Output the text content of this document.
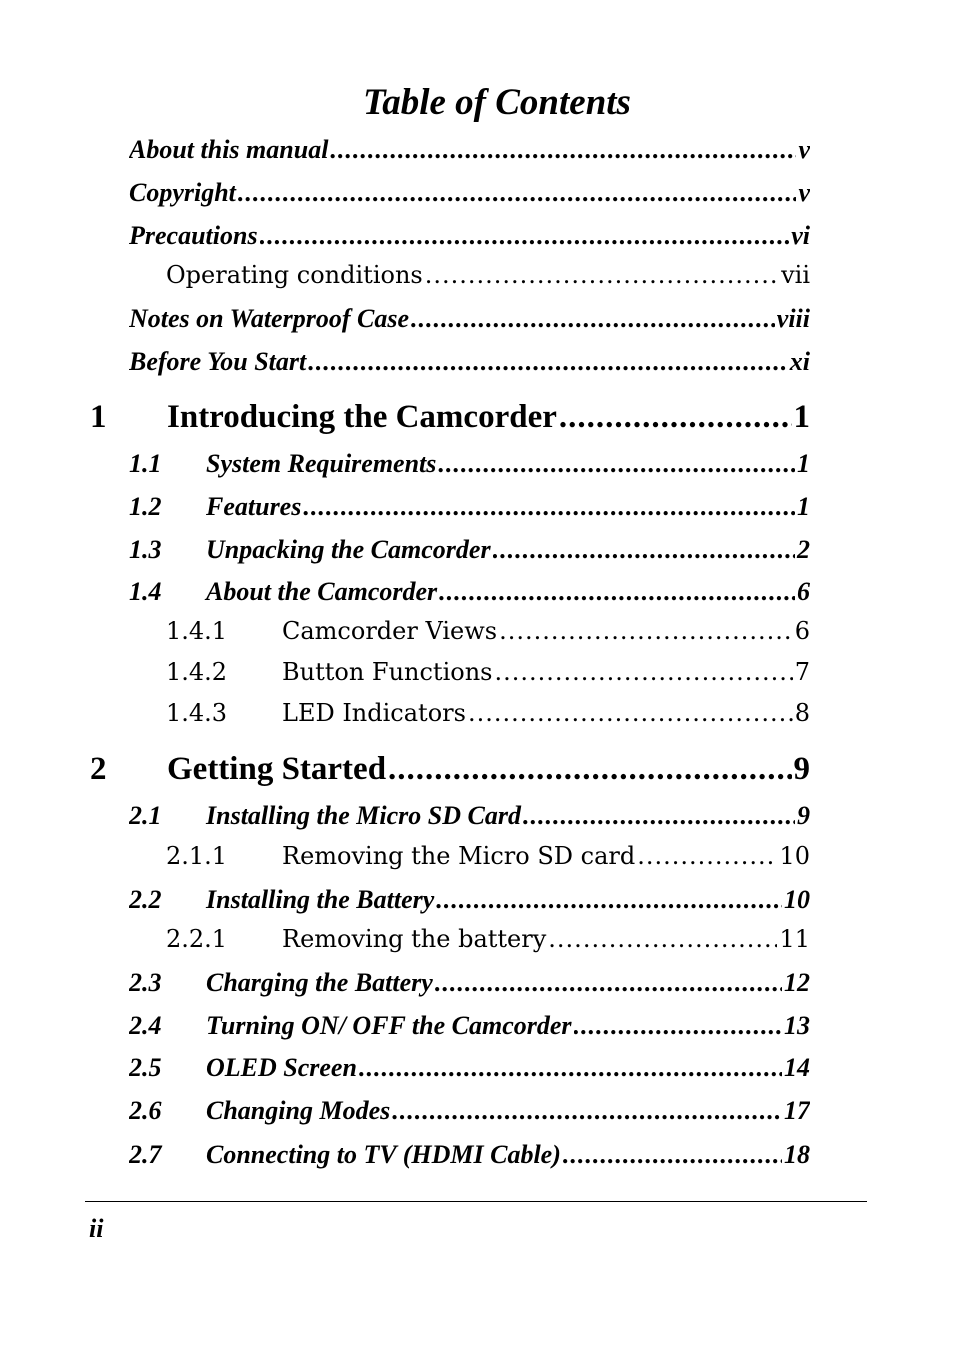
Table of Contents
About this manual .....	v
Copyright .....	v
Precautions .....	vi
Operating conditions .....	vii
Notes on Waterproof Case .....	viii
Before You Start .....	xi
1	Introducing the Camcorder .....	1
1.1	System Requirements .....	1
1.2	Features .....	1
1.3	Unpacking the Camcorder .....	2
1.4	About the Camcorder .....	6
1.4.1	Camcorder Views .....	6
1.4.2	Button Functions .....	7
1.4.3	LED Indicators .....	8
2	Getting Started .....	9
2.1	Installing the Micro SD Card .....	9
2.1.1	Removing the Micro SD card .....	10
2.2	Installing the Battery .....	10
2.2.1	Removing the battery .....	11
2.3	Charging the Battery .....	12
2.4	Turning ON/ OFF the Camcorder .....	13
2.5	OLED Screen .....	14
2.6	Changing Modes .....	17
2.7	Connecting to TV (HDMI Cable) .....	18
ii
